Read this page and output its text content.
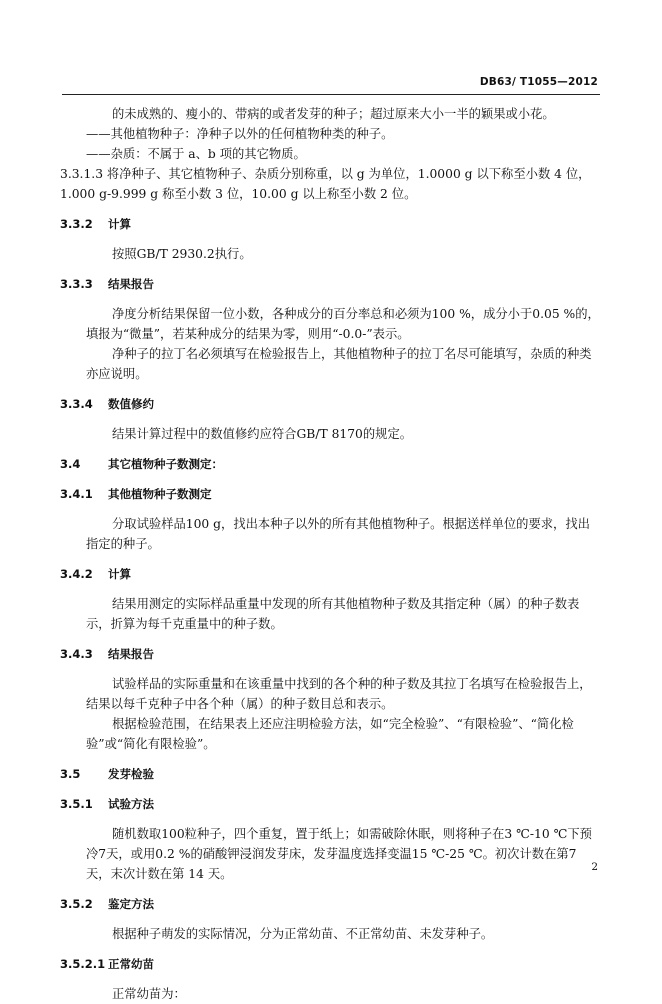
DB63/ T1055—2012

的未成熟的、瘦小的、带病的或者发芽的种子；超过原来大小一半的颖果或小花。

——其他植物种子：净种子以外的任何植物种类的种子。

——杂质：不属于 a、b 项的其它物质。

3.3.1.3 将净种子、其它植物种子、杂质分别称重，以 g 为单位，1.0000 g 以下称至小数 4 位，1.000 g-9.999 g 称至小数 3 位，10.00 g 以上称至小数 2 位。

3.3.2 计算

按照GB/T 2930.2执行。

3.3.3 结果报告

净度分析结果保留一位小数，各种成分的百分率总和必须为100 %，成分小于0.05 %的，填报为“微量”，若某种成分的结果为零，则用“-0.0-”表示。

净种子的拉丁名必须填写在检验报告上，其他植物种子的拉丁名尽可能填写，杂质的种类亦应说明。

3.3.4 数值修约

结果计算过程中的数值修约应符合GB/T 8170的规定。

3.4 其它植物种子数测定：

3.4.1 其他植物种子数测定

分取试验样品100 g，找出本种子以外的所有其他植物种子。根据送样单位的要求，找出指定的种子。

3.4.2 计算

结果用测定的实际样品重量中发现的所有其他植物种子数及其指定种（属）的种子数表示，折算为每千克重量中的种子数。

3.4.3 结果报告

试验样品的实际重量和在该重量中找到的各个种的种子数及其拉丁名填写在检验报告上，结果以每千克种子中各个种（属）的种子数目总和表示。

根据检验范围，在结果表上还应注明检验方法，如“完全检验”、“有限检验”、“简化检验”或“简化有限检验”。

3.5 发芽检验

3.5.1 试验方法

随机数取100粒种子，四个重复，置于纸上；如需破除休眠，则将种子在3 ℃-10 ℃下预冷7天，或用0.2 %的硝酸钾浸润发芽床，发芽温度选择变温15 ℃-25 ℃。初次计数在第7天，末次计数在第 14 天。

3.5.2 鉴定方法

根据种子萌发的实际情况，分为正常幼苗、不正常幼苗、未发芽种子。

3.5.2.1 正常幼苗

正常幼苗为：

2
